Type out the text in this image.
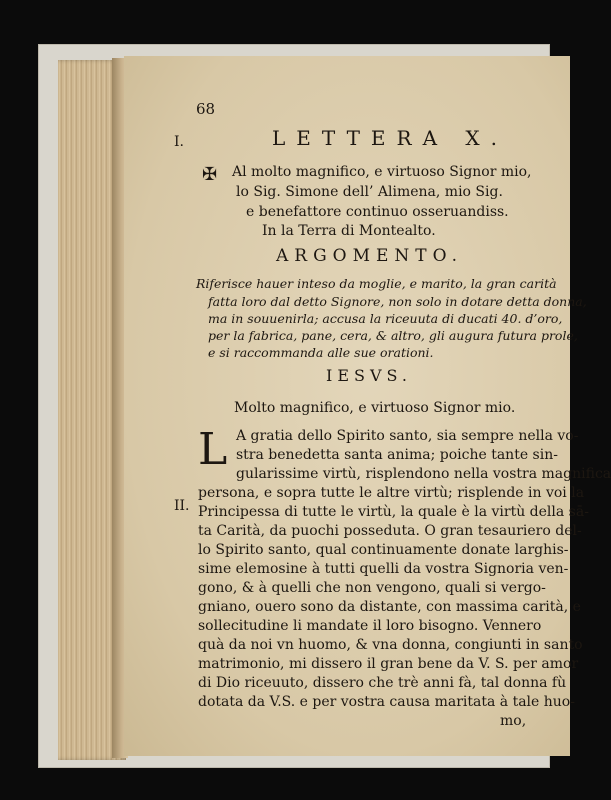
68
I.
II.
LETTERA X.
✠ Al molto magnifico, e virtuoso Signor mio,
lo Sig. Simone dell’ Alimena, mio Sig.
e benefattore continuo osseruandiss.
In la Terra di Montealto.
ARGOMENTO.
Riferisce hauer inteso da moglie, e marito, la gran carità
fatta loro dal detto Signore, non solo in dotare detta donna,
ma in souuenirla; accusa la riceuuta di ducati 40. d’oro,
per la fabrica, pane, cera, & altro, gli augura futura prole,
e si raccommanda alle sue orationi.
IESVS.
Molto magnifico, e virtuoso Signor mio.
L A gratia dello Spirito santo, sia sempre nella vo-
stra benedetta santa anima; poiche tante sin-
gularissime virtù, risplendono nella vostra magnifica
persona, e sopra tutte le altre virtù; risplende in voi la
Principessa di tutte le virtù, la quale è la virtù della sā-
ta Carità, da puochi posseduta. O gran tesauriero del-
lo Spirito santo, qual continuamente donate larghis-
sime elemosine à tutti quelli da vostra Signoria ven-
gono, & à quelli che non vengono, quali si vergo-
gniano, ouero sono da distante, con massima carità, e
sollecitudine li mandate il loro bisogno. Vennero
quà da noi vn huomo, & vna donna, congiunti in santo
matrimonio, mi dissero il gran bene da V. S. per amor
di Dio riceuuto, dissero che trè anni fà, tal donna fù
dotata da V.S. e per vostra causa maritata à tale huo-
mo,
